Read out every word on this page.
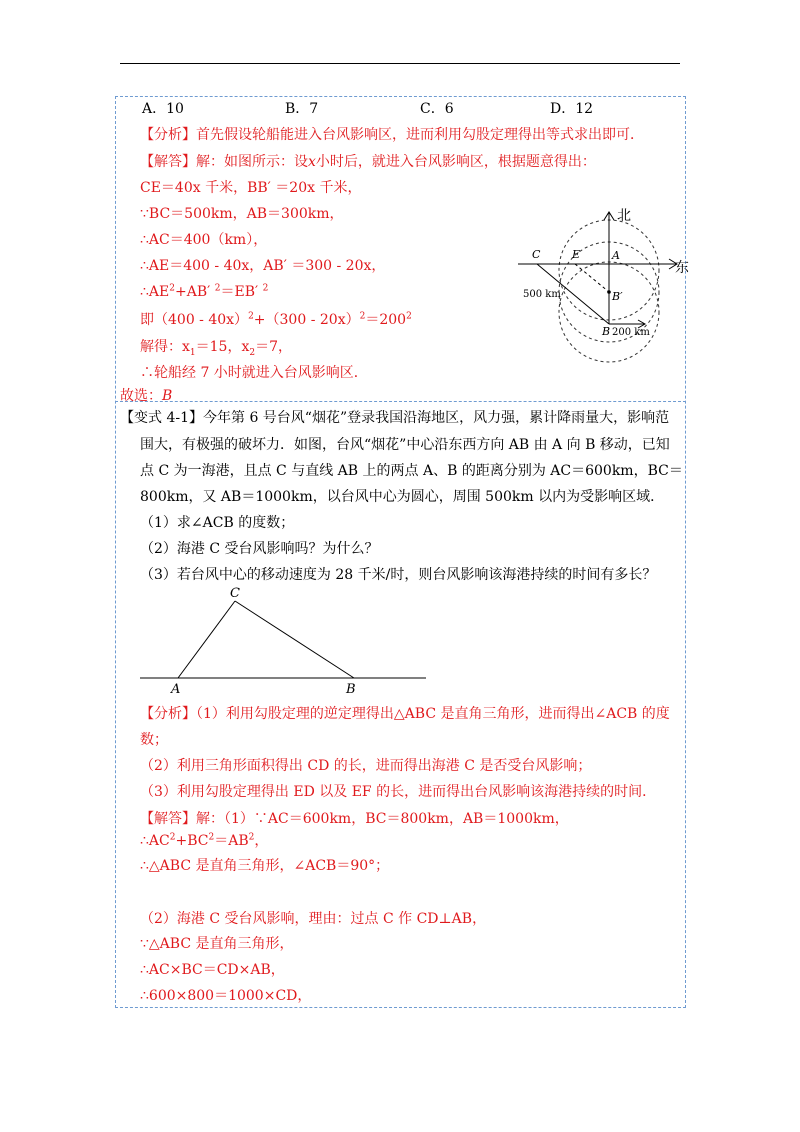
A．10	B．7	C．6	D．12
【分析】首先假设轮船能进入台风影响区，进而利用勾股定理得出等式求出即可．
【解答】解：如图所示：设x小时后，就进入台风影响区，根据题意得出：
CE＝40x 千米，BB′ ＝20x 千米，
∵BC＝500km，AB＝300km，
∴AC＝400（km），
∴AE＝400 - 40x，AB′ ＝300 - 20x，
$\therefore AE^2+AB'$ $^2$＝EB′ $^2$
即$(400 - 40x)^2+(300 - 20x)^2=200^2$
解得：$x_1=15$，$x_2=7$，
∴轮船经 7 小时就进入台风影响区．
故选：B
北
东
C	E	A
B′
B
500 km
200 km
【变式 4-1】今年第 6 号台风“烟花”登录我国沿海地区，风力强，累计降雨量大，影响范
围大，有极强的破坏力．如图，台风“烟花”中心沿东西方向 AB 由 A 向 B 移动，已知
点 C 为一海港，且点 C 与直线 AB 上的两点 A、B 的距离分别为 AC＝600km，BC＝
800km，又 AB＝1000km，以台风中心为圆心，周围 500km 以内为受影响区域．
（1）求∠ACB 的度数；
（2）海港 C 受台风影响吗？为什么？
（3）若台风中心的移动速度为 28 千米/时，则台风影响该海港持续的时间有多长？
C
A	B
【分析】（1）利用勾股定理的逆定理得出△ABC 是直角三角形，进而得出∠ACB 的度
数；
（2）利用三角形面积得出 CD 的长，进而得出海港 C 是否受台风影响；
（3）利用勾股定理得出 ED 以及 EF 的长，进而得出台风影响该海港持续的时间．
【解答】解：（1）∵AC＝600km，BC＝800km，AB＝1000km，
$\therefore AC^2+BC^2=AB^2$，
∴△ABC 是直角三角形，∠ACB＝90°；
（2）海港 C 受台风影响，理由：过点 C 作 CD⊥AB，
∵△ABC 是直角三角形，
∴AC×BC＝CD×AB，
∴600×800＝1000×CD，
